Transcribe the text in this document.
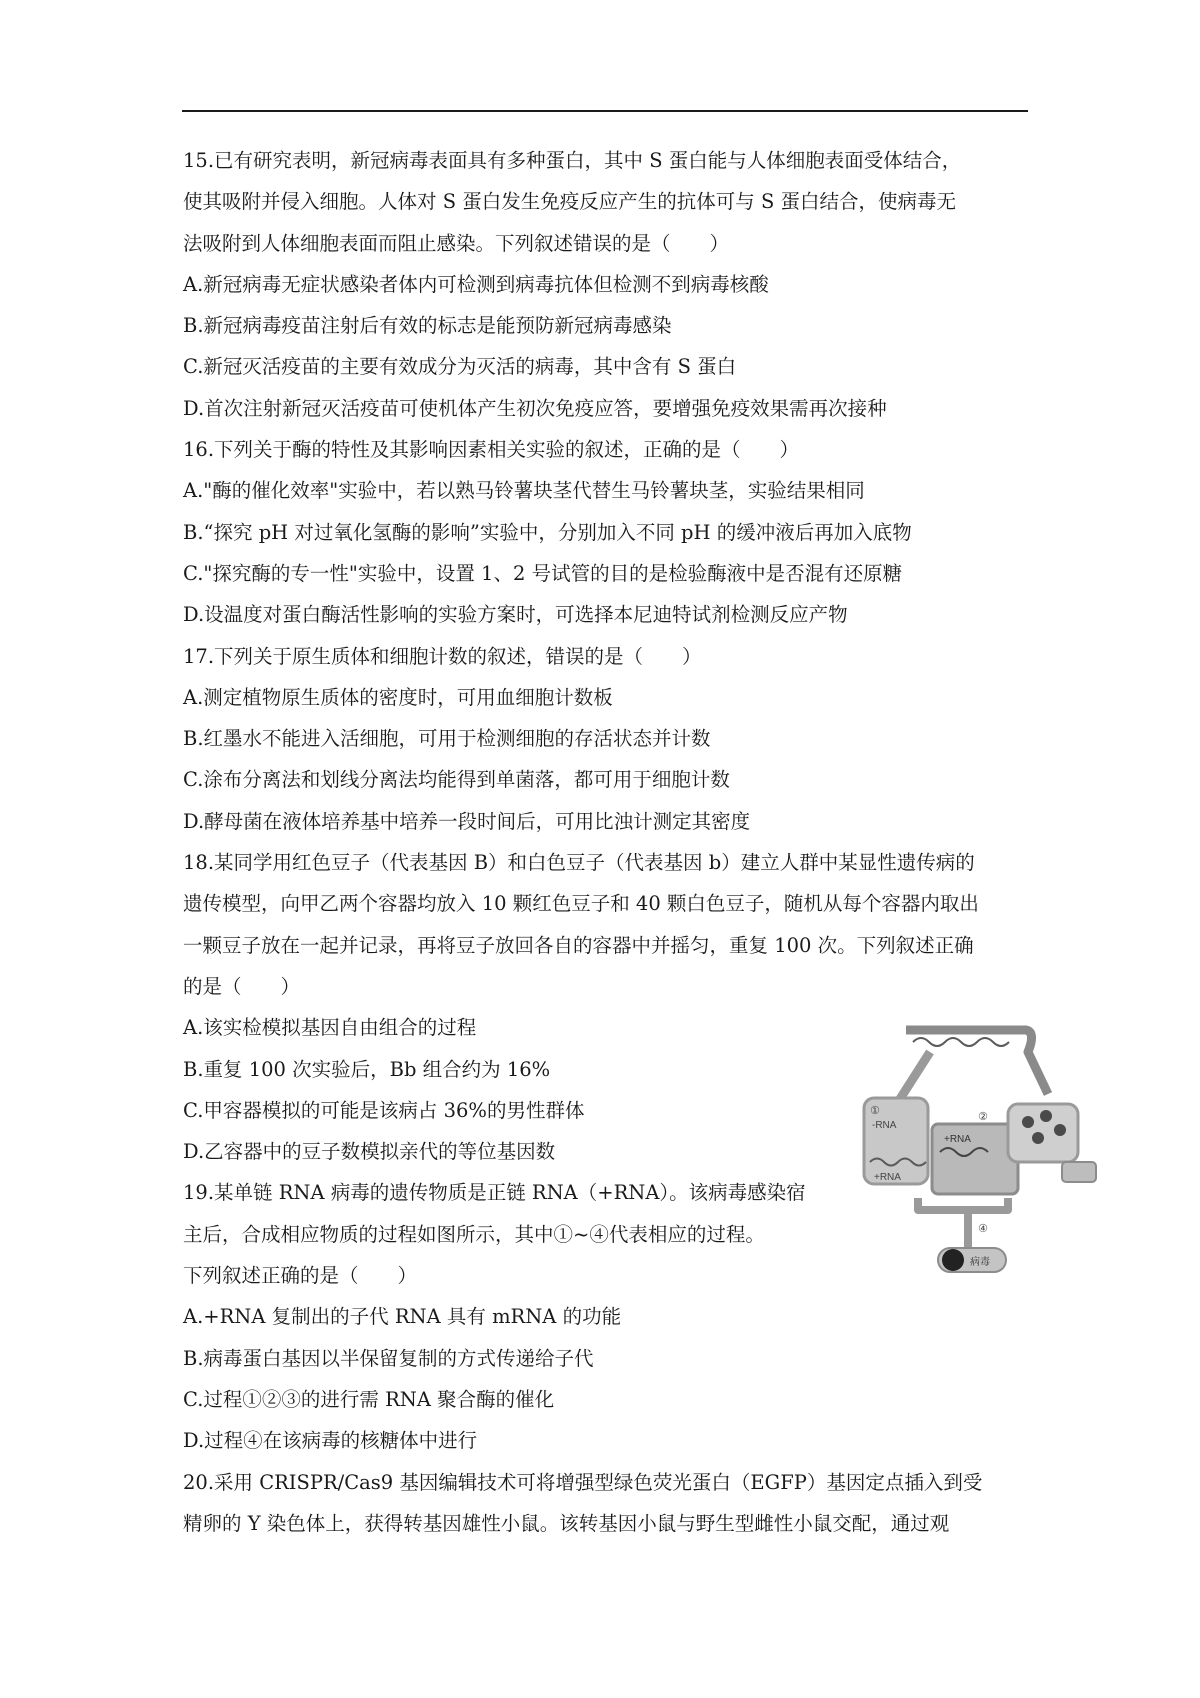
15.已有研究表明，新冠病毒表面具有多种蛋白，其中 S 蛋白能与人体细胞表面受体结合，
使其吸附并侵入细胞。人体对 S 蛋白发生免疫反应产生的抗体可与 S 蛋白结合，使病毒无
法吸附到人体细胞表面而阻止感染。下列叙述错误的是（　　）
A.新冠病毒无症状感染者体内可检测到病毒抗体但检测不到病毒核酸
B.新冠病毒疫苗注射后有效的标志是能预防新冠病毒感染
C.新冠灭活疫苗的主要有效成分为灭活的病毒，其中含有 S 蛋白
D.首次注射新冠灭活疫苗可使机体产生初次免疫应答，要增强免疫效果需再次接种
16.下列关于酶的特性及其影响因素相关实验的叙述，正确的是（　　）
A."酶的催化效率"实验中，若以熟马铃薯块茎代替生马铃薯块茎，实验结果相同
B.“探究 pH 对过氧化氢酶的影响”实验中，分别加入不同 pH 的缓冲液后再加入底物
C."探究酶的专一性"实验中，设置 1、2 号试管的目的是检验酶液中是否混有还原糖
D.设温度对蛋白酶活性影响的实验方案时，可选择本尼迪特试剂检测反应产物
17.下列关于原生质体和细胞计数的叙述，错误的是（　　）
A.测定植物原生质体的密度时，可用血细胞计数板
B.红墨水不能进入活细胞，可用于检测细胞的存活状态并计数
C.涂布分离法和划线分离法均能得到单菌落，都可用于细胞计数
D.酵母菌在液体培养基中培养一段时间后，可用比浊计测定其密度
18.某同学用红色豆子（代表基因 B）和白色豆子（代表基因 b）建立人群中某显性遗传病的
遗传模型，向甲乙两个容器均放入 10 颗红色豆子和 40 颗白色豆子，随机从每个容器内取出
一颗豆子放在一起并记录，再将豆子放回各自的容器中并摇匀，重复 100 次。下列叙述正确
的是（　　）
A.该实检模拟基因自由组合的过程
B.重复 100 次实验后，Bb 组合约为 16%
C.甲容器模拟的可能是该病占 36%的男性群体
D.乙容器中的豆子数模拟亲代的等位基因数
19.某单链 RNA 病毒的遗传物质是正链 RNA（+RNA）。该病毒感染宿
主后，合成相应物质的过程如图所示，其中①~④代表相应的过程。
下列叙述正确的是（　　）
A.+RNA 复制出的子代 RNA 具有 mRNA 的功能
B.病毒蛋白基因以半保留复制的方式传递给子代
C.过程①②③的进行需 RNA 聚合酶的催化
D.过程④在该病毒的核糖体中进行
20.采用 CRISPR/Cas9 基因编辑技术可将增强型绿色荧光蛋白（EGFP）基因定点插入到受
精卵的 Y 染色体上，获得转基因雄性小鼠。该转基因小鼠与野生型雌性小鼠交配，通过观
-RNA
①
+RNA
+RNA
②
④
病毒
